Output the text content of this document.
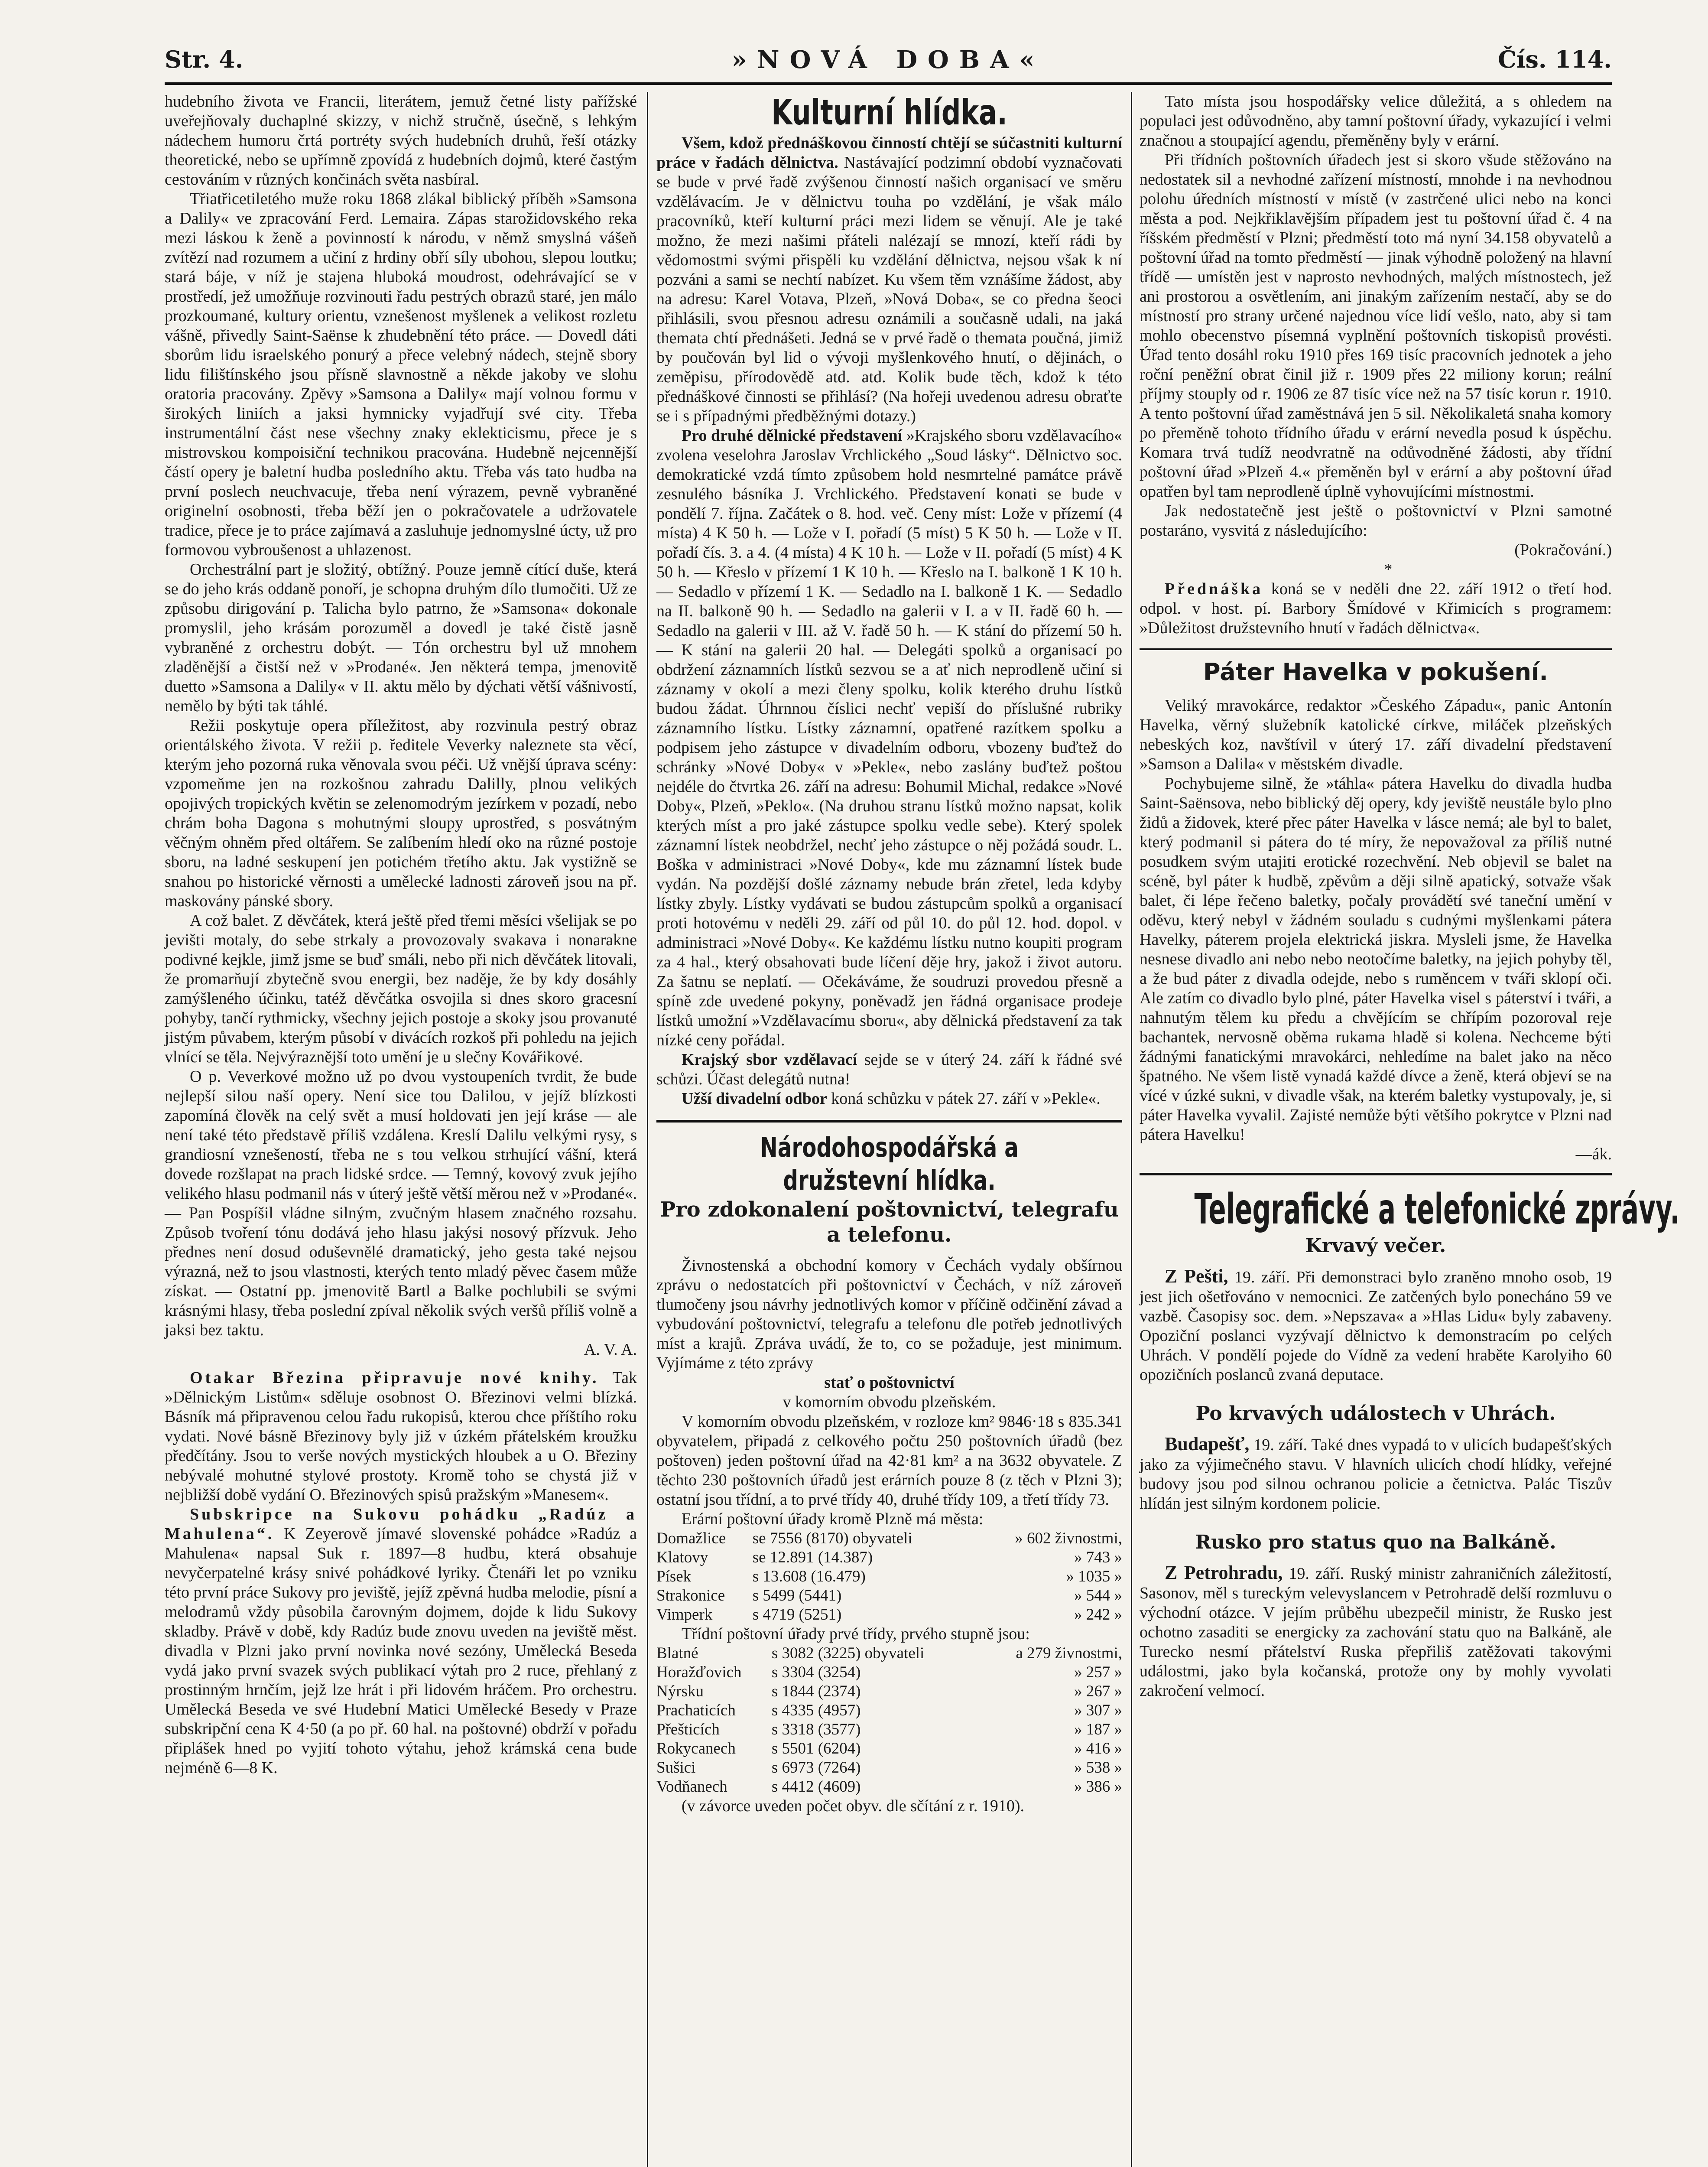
Str. 4.	»NOVÁ DOBA«	Čís. 114.

hudebního života ve Francii, literátem, jemuž četné listy pařížské uveřejňovaly duchaplné skizzy, v nichž stručně, úsečně, s lehkým nádechem humoru črtá portréty svých hudebních druhů, řeší otázky theoretické, nebo se upřímně zpovídá z hudebních dojmů, které častým cestováním v různých končinách světa nasbíral.

Třiatřicetiletého muže roku 1868 zlákal biblický příběh »Samsona a Dalily« ve zpracování Ferd. Lemaira. Zápas starožidovského reka mezi láskou k ženě a povinností k národu, v němž smyslná vášeň zvítězí nad rozumem a učiní z hrdiny obří síly ubohou, slepou loutku; stará báje, v níž je stajena hluboká moudrost, odehrávající se v prostředí, jež umožňuje rozvinouti řadu pestrých obrazů staré, jen málo prozkoumané, kultury orientu, vznešenost myšlenek a velikost rozletu vášně, přivedly Saint-Saënse k zhudebnění této práce. — Dovedl dáti sborům lidu israelského ponurý a přece velebný nádech, stejně sbory lidu filištínského jsou přísně slavnostně a někde jakoby ve slohu oratoria pracovány. Zpěvy »Samsona a Dalily« mají volnou formu v širokých liniích a jaksi hymnicky vyjadřují své city. Třeba instrumentální část nese všechny znaky eklekticismu, přece je s mistrovskou kompoisiční technikou pracována. Hudebně nejcennější částí opery je baletní hudba posledního aktu. Třeba vás tato hudba na první poslech neuchvacuje, třeba není výrazem, pevně vybraněné originelní osobnosti, třeba běží jen o pokračovatele a udržovatele tradice, přece je to práce zajímavá a zasluhuje jednomyslné úcty, už pro formovou vybroušenost a uhlazenost.

Orchestrální part je složitý, obtížný. Pouze jemně cítící duše, která se do jeho krás oddaně ponoří, je schopna druhým dílo tlumočiti. Už ze způsobu dirigování p. Talicha bylo patrno, že »Samsona« dokonale promyslil, jeho krásám porozuměl a dovedl je také čistě jasně vybraněné z orchestru dobýt. — Tón orchestru byl už mnohem zladěnější a čistší než v »Prodané«. Jen některá tempa, jmenovitě duetto »Samsona a Dalily« v II. aktu mělo by dýchati větší vášnivostí, nemělo by býti tak táhlé.

Režii poskytuje opera příležitost, aby rozvinula pestrý obraz orientálského života. V režii p. ředitele Veverky naleznete sta věcí, kterým jeho pozorná ruka věnovala svou péči. Už vnější úprava scény: vzpomeňme jen na rozkošnou zahradu Dalilly, plnou velikých opojivých tropických květin se zelenomodrým jezírkem v pozadí, nebo chrám boha Dagona s mohutnými sloupy uprostřed, s posvátným věčným ohněm před oltářem. Se zalíbením hledí oko na různé postoje sboru, na ladné seskupení jen potichém třetího aktu. Jak vystižně se snahou po historické věrnosti a umělecké ladnosti zároveň jsou na př. maskovány pánské sbory.

A což balet. Z děvčátek, která ještě před třemi měsíci všelijak se po jevišti motaly, do sebe strkaly a provozovaly svakava i nonarakne podivné kejkle, jimž jsme se buď smáli, nebo při nich děvčátek litovali, že promarňují zbytečně svou energii, bez naděje, že by kdy dosáhly zamýšleného účinku, tatéž děvčátka osvojila si dnes skoro gracesní pohyby, tančí rythmicky, všechny jejich postoje a skoky jsou provanuté jistým půvabem, kterým působí v divácích rozkoš při pohledu na jejich vlnící se těla. Nejvýraznější toto umění je u slečny Kovářikové.

O p. Veverkové možno už po dvou vystoupeních tvrdit, že bude nejlepší silou naší opery. Není sice tou Dalilou, v jejíž blízkosti zapomíná člověk na celý svět a musí holdovati jen její kráse — ale není také této představě příliš vzdálena. Kreslí Dalilu velkými rysy, s grandiosní vznešeností, třeba ne s tou velkou strhující vášní, která dovede rozšlapat na prach lidské srdce. — Temný, kovový zvuk jejího velikého hlasu podmanil nás v úterý ještě větší měrou než v »Prodané«. — Pan Pospíšil vládne silným, zvučným hlasem značného rozsahu. Způsob tvoření tónu dodává jeho hlasu jakýsi nosový přízvuk. Jeho přednes není dosud oduševnělé dramatický, jeho gesta také nejsou výrazná, než to jsou vlastnosti, kterých tento mladý pěvec časem může získat. — Ostatní pp. jmenovitě Bartl a Balke pochlubili se svými krásnými hlasy, třeba poslední zpíval několik svých veršů příliš volně a jaksi bez taktu.

A. V. A.

Otakar Březina připravuje nové knihy. Tak »Dělnickým Listům« sděluje osobnost O. Březinovi velmi blízká. Básník má připravenou celou řadu rukopisů, kterou chce příštího roku vydati. Nové básně Březinovy byly již v úzkém přátelském kroužku předčítány. Jsou to verše nových mystických hloubek a u O. Březiny nebývalé mohutné stylové prostoty. Kromě toho se chystá již v nejbližší době vydání O. Březinových spisů pražským »Manesem«.

Subskripce na Sukovu pohádku „Radúz a Mahulena“. K Zeyerově jímavé slovenské pohádce »Radúz a Mahulena« napsal Suk r. 1897—8 hudbu, která obsahuje nevyčerpatelné krásy snivé pohádkové lyriky. Čtenáři let po vzniku této první práce Sukovy pro jeviště, jejíž zpěvná hudba melodie, písní a melodramů vždy působila čarovným dojmem, dojde k lidu Sukovy skladby. Právě v době, kdy Radúz bude znovu uveden na jeviště měst. divadla v Plzni jako první novinka nové sezóny, Umělecká Beseda vydá jako první svazek svých publikací výtah pro 2 ruce, přehlaný z prostinným hrnčím, jejž lze hrát i při lidovém hráčem. Pro orchestru. Umělecká Beseda ve své Hudební Matici Umělecké Besedy v Praze subskripční cena K 4·50 (a po př. 60 hal. na poštovné) obdrží v pořadu připlášek hned po vyjití tohoto výtahu, jehož krámská cena bude nejméně 6—8 K.

Kulturní hlídka.

Všem, kdož přednáškovou činností chtějí se súčastniti kulturní práce v řadách dělnictva. Nastávající podzimní období vyznačovati se bude v prvé řadě zvýšenou činností našich organisací ve směru vzdělávacím. Je v dělnictvu touha po vzdělání, je však málo pracovníků, kteří kulturní práci mezi lidem se věnují. Ale je také možno, že mezi našimi přáteli nalézají se mnozí, kteří rádi by vědomostmi svými přispěli ku vzdělání dělnictva, nejsou však k ní pozváni a sami se nechtí nabízet. Ku všem těm vznášíme žádost, aby na adresu: Karel Votava, Plzeň, »Nová Doba«, se co předna šeoci přihlásili, svou přesnou adresu oznámili a současně udali, na jaká themata chtí přednášeti. Jedná se v prvé řadě o themata poučná, jimiž by poučován byl lid o vývoji myšlenkového hnutí, o dějinách, o zeměpisu, přírodovědě atd. atd. Kolik bude těch, kdož k této přednáškové činnosti se přihlásí? (Na hořeji uvedenou adresu obraťte se i s případnými předběžnými dotazy.)

Pro druhé dělnické představení »Krajského sboru vzdělavacího« zvolena veselohra Jaroslav Vrchlického „Soud lásky“. Dělnictvo soc. demokratické vzdá tímto způsobem hold nesmrtelné památce právě zesnulého básníka J. Vrchlického. Představení konati se bude v pondělí 7. října. Začátek o 8. hod. več. Ceny míst: Lože v přízemí (4 místa) 4 K 50 h. — Lože v I. pořadí (5 míst) 5 K 50 h. — Lože v II. pořadí čís. 3. a 4. (4 místa) 4 K 10 h. — Lože v II. pořadí (5 míst) 4 K 50 h. — Křeslo v přízemí 1 K 10 h. — Křeslo na I. balkoně 1 K 10 h. — Sedadlo v přízemí 1 K. — Sedadlo na I. balkoně 1 K. — Sedadlo na II. balkoně 90 h. — Sedadlo na galerii v I. a v II. řadě 60 h. — Sedadlo na galerii v III. až V. řadě 50 h. — K stání do přízemí 50 h. — K stání na galerii 20 hal. — Delegáti spolků a organisací po obdržení záznamních lístků sezvou se a ať nich neprodleně učiní si záznamy v okolí a mezi členy spolku, kolik kterého druhu lístků budou žádat. Úhrnnou číslici nechť vepiší do příslušné rubriky záznamního lístku. Lístky záznamní, opatřené razítkem spolku a podpisem jeho zástupce v divadelním odboru, vbozeny buďtež do schránky »Nové Doby« v »Pekle«, nebo zaslány buďtež poštou nejdéle do čtvrtka 26. září na adresu: Bohumil Michal, redakce »Nové Doby«, Plzeň, »Peklo«. (Na druhou stranu lístků možno napsat, kolik kterých míst a pro jaké zástupce spolku vedle sebe). Který spolek záznamní lístek neobdržel, nechť jeho zástupce o něj požádá soudr. L. Boška v administraci »Nové Doby«, kde mu záznamní lístek bude vydán. Na pozdější došlé záznamy nebude brán zřetel, leda kdyby lístky zbyly. Lístky vydávati se budou zástupcům spolků a organisací proti hotovému v neděli 29. září od půl 10. do půl 12. hod. dopol. v administraci »Nové Doby«. Ke každému lístku nutno koupiti program za 4 hal., který obsahovati bude líčení děje hry, jakož i život autoru. Za šatnu se neplatí. — Očekáváme, že soudruzi provedou přesně a spíně zde uvedené pokyny, poněvadž jen řádná organisace prodeje lístků umožní »Vzdělavacímu sboru«, aby dělnická představení za tak nízké ceny pořádal.

Krajský sbor vzdělavací sejde se v úterý 24. září k řádné své schůzi. Účast delegátů nutna!

Užší divadelní odbor koná schůzku v pátek 27. září v »Pekle«.

Národohospodářská a družstevní hlídka.
Pro zdokonalení poštovnictví, telegrafu a telefonu.

Živnostenská a obchodní komory v Čechách vydaly obšírnou zprávu o nedostatcích při poštovnictví v Čechách, v níž zároveň tlumočeny jsou návrhy jednotlivých komor v příčině odčinění závad a vybudování poštovnictví, telegrafu a telefonu dle potřeb jednotlivých míst a krajů. Zpráva uvádí, že to, co se požaduje, jest minimum. Vyjímáme z této zprávy

stať o poštovnictví

v komorním obvodu plzeňském.

V komorním obvodu plzeňském, v rozloze km² 9846·18 s 835.341 obyvatelem, připadá z celkového počtu 250 poštovních úřadů (bez poštoven) jeden poštovní úřad na 42·81 km² a na 3632 obyvatele. Z těchto 230 poštovních úřadů jest erárních pouze 8 (z těch v Plzni 3); ostatní jsou třídní, a to prvé třídy 40, druhé třídy 109, a třetí třídy 73.

Erární poštovní úřady kromě Plzně má města:

Domažlice	se 7556 (8170) obyvateli	» 602 živnostmi,
Klatovy	se 12.891 (14.387)	» 743 »
Písek	s 13.608 (16.479)	» 1035 »
Strakonice	s 5499 (5441)	» 544 »
Vimperk	s 4719 (5251)	» 242 »

Třídní poštovní úřady prvé třídy, prvého stupně jsou:

Blatné	s 3082 (3225) obyvateli	a 279 živnostmi,
Horažďovich	s 3304 (3254)	» 257 »
Nýrsku	s 1844 (2374)	» 267 »
Prachaticích	s 4335 (4957)	» 307 »
Přešticích	s 3318 (3577)	» 187 »
Rokycanech	s 5501 (6204)	» 416 »
Sušici	s 6973 (7264)	» 538 »
Vodňanech	s 4412 (4609)	» 386 »

(v závorce uveden počet obyv. dle sčítání z r. 1910).

Tato místa jsou hospodářsky velice důležitá, a s ohledem na populaci jest odůvodněno, aby tamní poštovní úřady, vykazující i velmi značnou a stoupající agendu, přeměněny byly v erární.

Při třídních poštovních úřadech jest si skoro všude stěžováno na nedostatek sil a nevhodné zařízení místností, mnohde i na nevhodnou polohu úředních místností v místě (v zastrčené ulici nebo na konci města a pod. Nejkřiklavějším případem jest tu poštovní úřad č. 4 na říšském předměstí v Plzni; předměstí toto má nyní 34.158 obyvatelů a poštovní úřad na tomto předměstí — jinak výhodně položený na hlavní třídě — umístěn jest v naprosto nevhodných, malých místnostech, jež ani prostorou a osvětlením, ani jinakým zařízením nestačí, aby se do místností pro strany určené najednou více lidí vešlo, nato, aby si tam mohlo obecenstvo písemná vyplnění poštovních tiskopisů provésti. Úřad tento dosáhl roku 1910 přes 169 tisíc pracovních jednotek a jeho roční peněžní obrat činil již r. 1909 přes 22 miliony korun; reální příjmy stouply od r. 1906 ze 87 tisíc více než na 57 tisíc korun r. 1910. A tento poštovní úřad zaměstnává jen 5 sil. Několikaletá snaha komory po přeměně tohoto třídního úřadu v erární nevedla posud k úspěchu. Komara trvá tudíž neodvratně na odůvodněné žádosti, aby třídní poštovní úřad »Plzeň 4.« přeměněn byl v erární a aby poštovní úřad opatřen byl tam neprodleně úplně vyhovujícími místnostmi.

Jak nedostatečně jest ještě o poštovnictví v Plzni samotné postaráno, vysvitá z následujícího:

(Pokračování.)

*

Přednáška koná se v neděli dne 22. září 1912 o třetí hod. odpol. v host. pí. Barbory Šmídové v Křimicích s programem: »Důležitost družstevního hnutí v řadách dělnictva«.

Páter Havelka v pokušení.

Veliký mravokárce, redaktor »Českého Západu«, panic Antonín Havelka, věrný služebník katolické církve, miláček plzeňských nebeských koz, navštívil v úterý 17. září divadelní představení »Samson a Dalila« v městském divadle.

Pochybujeme silně, že »táhla« pátera Havelku do divadla hudba Saint-Saënsova, nebo biblický děj opery, kdy jeviště neustále bylo plno židů a židovek, které přec páter Havelka v lásce nemá; ale byl to balet, který podmanil si pátera do té míry, že nepovažoval za příliš nutné posudkem svým utajiti erotické rozechvění. Neb objevil se balet na scéně, byl páter k hudbě, zpěvům a ději silně apatický, sotvaže však balet, či lépe řečeno baletky, počaly provádětí své taneční umění v oděvu, který nebyl v žádném souladu s cudnými myšlenkami pátera Havelky, páterem projela elektrická jiskra. Mysleli jsme, že Havelka nesnese divadlo ani nebo nebo neotočíme baletky, na jejich pohyby těl, a že bud páter z divadla odejde, nebo s ruměncem v tváři sklopí oči. Ale zatím co divadlo bylo plné, páter Havelka visel s páterství i tváři, a nahnutým tělem ku předu a chvějícím se chřípím pozoroval reje bachantek, nervosně oběma rukama hladě si kolena. Nechceme býti žádnými fanatickými mravokárci, nehledíme na balet jako na něco špatného. Ne všem listě vynadá každé dívce a ženě, která objeví se na vícé v úzké sukni, v divadle však, na kterém baletky vystupovaly, je, si páter Havelka vyvalil. Zajisté nemůže býti většího pokrytce v Plzni nad pátera Havelku!

—ák.

Telegrafické a telefonické zprávy.
Krvavý večer.

Z Pešti, 19. září. Při demonstraci bylo zraněno mnoho osob, 19 jest jich ošetřováno v nemocnici. Ze zatčených bylo ponecháno 59 ve vazbě. Časopisy soc. dem. »Nepszava« a »Hlas Lidu« byly zabaveny. Opoziční poslanci vyzývají dělnictvo k demonstracím po celých Uhrách. V pondělí pojede do Vídně za vedení hraběte Karolyiho 60 opozičních poslanců zvaná deputace.

Po krvavých událostech v Uhrách.

Budapešť, 19. září. Také dnes vypadá to v ulicích budapešťských jako za výjimečného stavu. V hlavních ulicích chodí hlídky, veřejné budovy jsou pod silnou ochranou policie a četnictva. Palác Tiszův hlídán jest silným kordonem policie.

Rusko pro status quo na Balkáně.

Z Petrohradu, 19. září. Ruský ministr zahraničních záležitostí, Sasonov, měl s tureckým velevyslancem v Petrohradě delší rozmluvu o východní otázce. V jejím průběhu ubezpečil ministr, že Rusko jest ochotno zasaditi se energicky za zachování statu quo na Balkáně, ale Turecko nesmí přátelství Ruska přepřiliš zatěžovati takovými událostmi, jako byla kočanská, protože ony by mohly vyvolati zakročení velmocí.
